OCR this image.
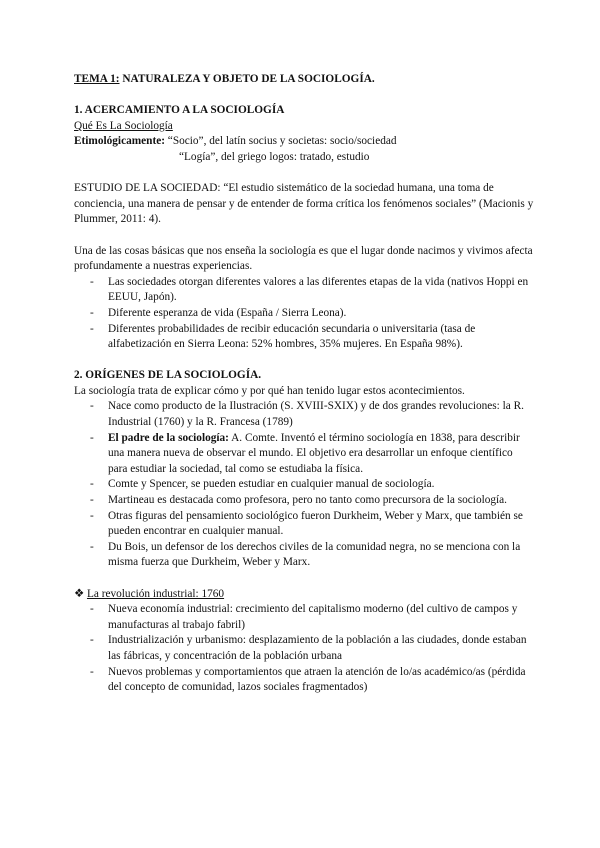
TEMA 1: NATURALEZA Y OBJETO DE LA SOCIOLOGÍA.

1. ACERCAMIENTO A LA SOCIOLOGÍA

Qué Es La Sociología

Etimológicamente: “Socio”, del latín socius y societas: socio/sociedad

“Logía”, del griego logos: tratado, estudio

ESTUDIO DE LA SOCIEDAD: “El estudio sistemático de la sociedad humana, una toma de conciencia, una manera de pensar y de entender de forma crítica los fenómenos sociales” (Macionis y Plummer, 2011: 4).

Una de las cosas básicas que nos enseña la sociología es que el lugar donde nacimos y vivimos afecta profundamente a nuestras experiencias.

- Las sociedades otorgan diferentes valores a las diferentes etapas de la vida (nativos Hoppi en EEUU, Japón).
- Diferente esperanza de vida (España / Sierra Leona).
- Diferentes probabilidades de recibir educación secundaria o universitaria (tasa de alfabetización en Sierra Leona: 52% hombres, 35% mujeres. En España 98%).

2. ORÍGENES DE LA SOCIOLOGÍA.

La sociología trata de explicar cómo y por qué han tenido lugar estos acontecimientos.

- Nace como producto de la Ilustración (S. XVIII-SXIX) y de dos grandes revoluciones: la R. Industrial (1760) y la R. Francesa (1789)
- El padre de la sociología: A. Comte. Inventó el término sociología en 1838, para describir una manera nueva de observar el mundo. El objetivo era desarrollar un enfoque científico para estudiar la sociedad, tal como se estudiaba la física.
- Comte y Spencer, se pueden estudiar en cualquier manual de sociología.
- Martineau es destacada como profesora, pero no tanto como precursora de la sociología.
- Otras figuras del pensamiento sociológico fueron Durkheim, Weber y Marx, que también se pueden encontrar en cualquier manual.
- Du Bois, un defensor de los derechos civiles de la comunidad negra, no se menciona con la misma fuerza que Durkheim, Weber y Marx.

❖ La revolución industrial: 1760

- Nueva economía industrial: crecimiento del capitalismo moderno (del cultivo de campos y manufacturas al trabajo fabril)
- Industrialización y urbanismo: desplazamiento de la población a las ciudades, donde estaban las fábricas, y concentración de la población urbana
- Nuevos problemas y comportamientos que atraen la atención de lo/as académico/as (pérdida del concepto de comunidad, lazos sociales fragmentados)
